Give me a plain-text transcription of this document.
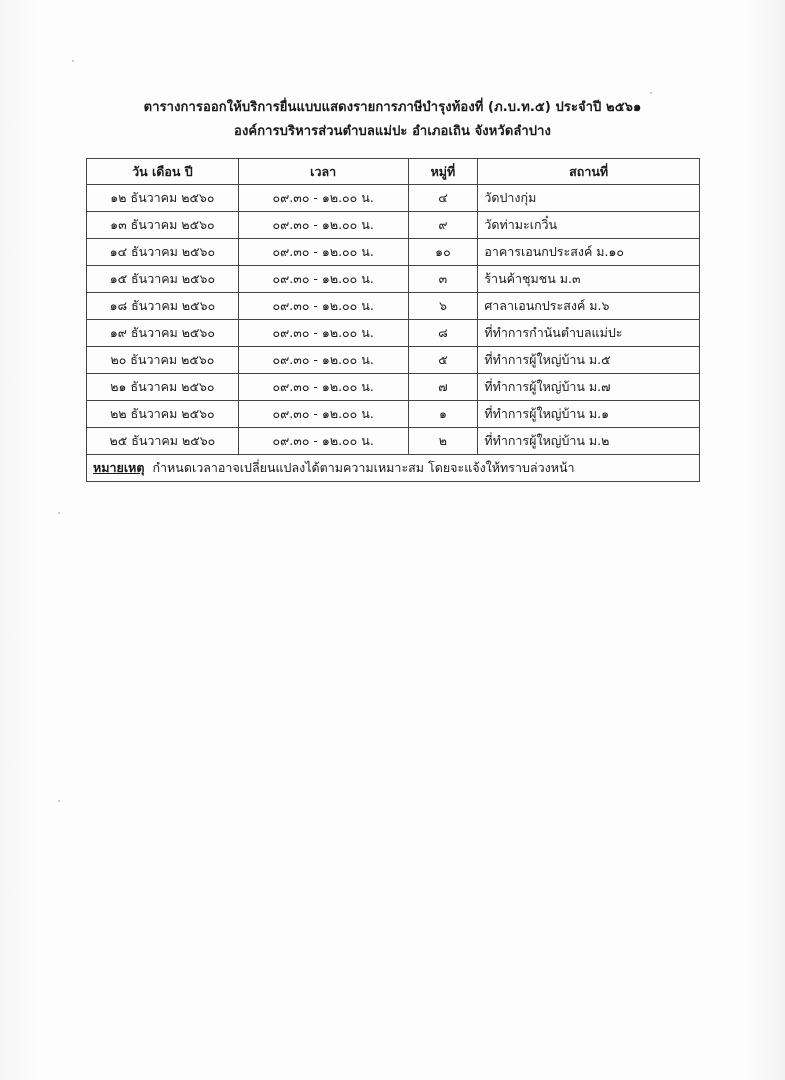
ตารางการออกให้บริการยื่นแบบแสดงรายการภาษีบำรุงท้องที่ (ภ.บ.ท.๕) ประจำปี ๒๕๖๑
องค์การบริหารส่วนตำบลแม่ปะ อำเภอเถิน จังหวัดลำปาง
วัน เดือน ปี	เวลา	หมู่ที่	สถานที่
๑๒ ธันวาคม ๒๕๖๐	๐๙.๓๐ - ๑๒.๐๐ น.	๔	วัดปางกุ่ม
๑๓ ธันวาคม ๒๕๖๐	๐๙.๓๐ - ๑๒.๐๐ น.	๙	วัดท่ามะเกวิ๋น
๑๔ ธันวาคม ๒๕๖๐	๐๙.๓๐ - ๑๒.๐๐ น.	๑๐	อาคารเอนกประสงค์ ม.๑๐
๑๕ ธันวาคม ๒๕๖๐	๐๙.๓๐ - ๑๒.๐๐ น.	๓	ร้านค้าชุมชน ม.๓
๑๘ ธันวาคม ๒๕๖๐	๐๙.๓๐ - ๑๒.๐๐ น.	๖	ศาลาเอนกประสงค์ ม.๖
๑๙ ธันวาคม ๒๕๖๐	๐๙.๓๐ - ๑๒.๐๐ น.	๘	ที่ทำการกำนันตำบลแม่ปะ
๒๐ ธันวาคม ๒๕๖๐	๐๙.๓๐ - ๑๒.๐๐ น.	๕	ที่ทำการผู้ใหญ่บ้าน ม.๕
๒๑ ธันวาคม ๒๕๖๐	๐๙.๓๐ - ๑๒.๐๐ น.	๗	ที่ทำการผู้ใหญ่บ้าน ม.๗
๒๒ ธันวาคม ๒๕๖๐	๐๙.๓๐ - ๑๒.๐๐ น.	๑	ที่ทำการผู้ใหญ่บ้าน ม.๑
๒๕ ธันวาคม ๒๕๖๐	๐๙.๓๐ - ๑๒.๐๐ น.	๒	ที่ทำการผู้ใหญ่บ้าน ม.๒
หมายเหตุ กำหนดเวลาอาจเปลี่ยนแปลงได้ตามความเหมาะสม โดยจะแจ้งให้ทราบล่วงหน้า			
